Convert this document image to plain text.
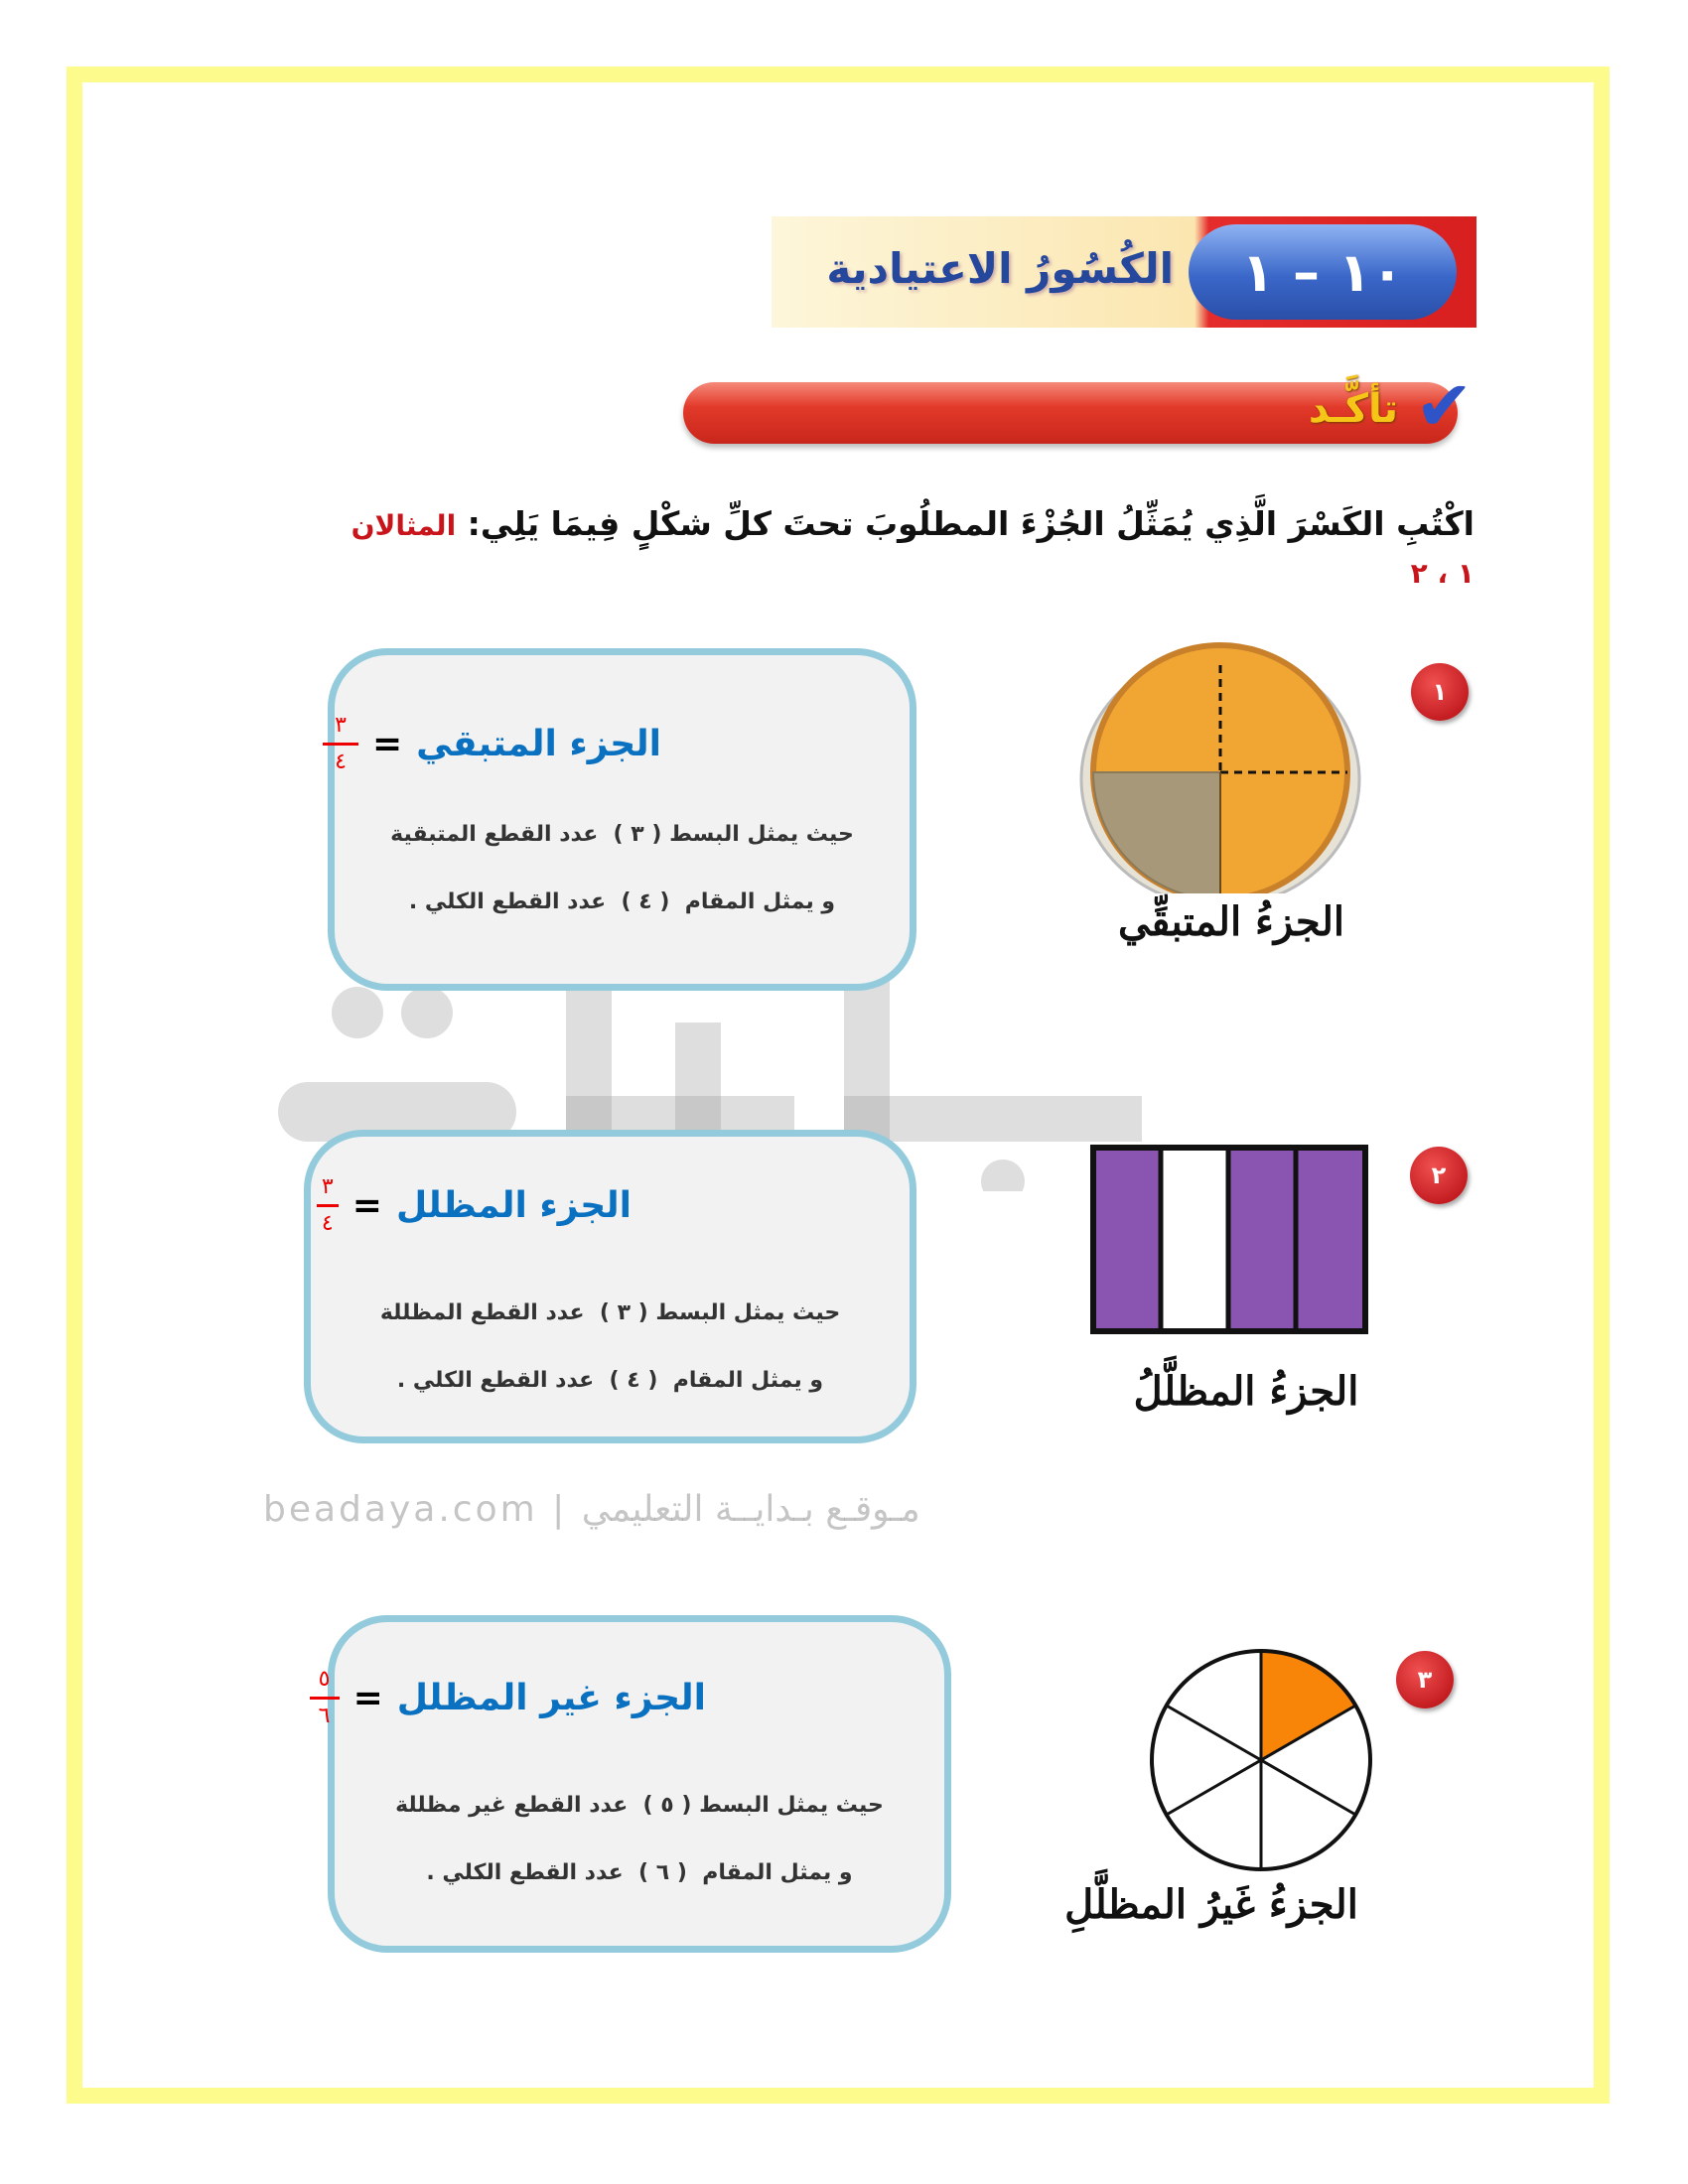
الكُسُورُ الاعتيادية	١٠ – ١
تأكَّـد ✔
اكْتُبِ الكَسْرَ الَّذِي يُمَثِّلُ الجُزْءَ المطلُوبَ تحتَ كلِّ شكْلٍ فِيمَا يَلِي: المثالان ١ ، ٢
beadaya.com | مـوقـع بـدايــة التعليمي
الجزء المتبقي
=
$\frac{٣}{٤}$
حيث يمثل البسط ( ٣ )  عدد القطع المتبقية
و يمثل المقام  ( ٤ )  عدد القطع الكلي .
١
الجزءُ المتبقِّي
الجزء المظلل
=
$\frac{٣}{٤}$
حيث يمثل البسط ( ٣ )  عدد القطع المظللة
و يمثل المقام  ( ٤ )  عدد القطع الكلي .
٢
الجزءُ المظلَّلُ
الجزء غير المظلل
=
$\frac{٥}{٦}$
حيث يمثل البسط ( ٥ )  عدد القطع غير مظللة
و يمثل المقام  ( ٦ )  عدد القطع الكلي .
٣
الجزءُ غَيرُ المظلَّلِ
